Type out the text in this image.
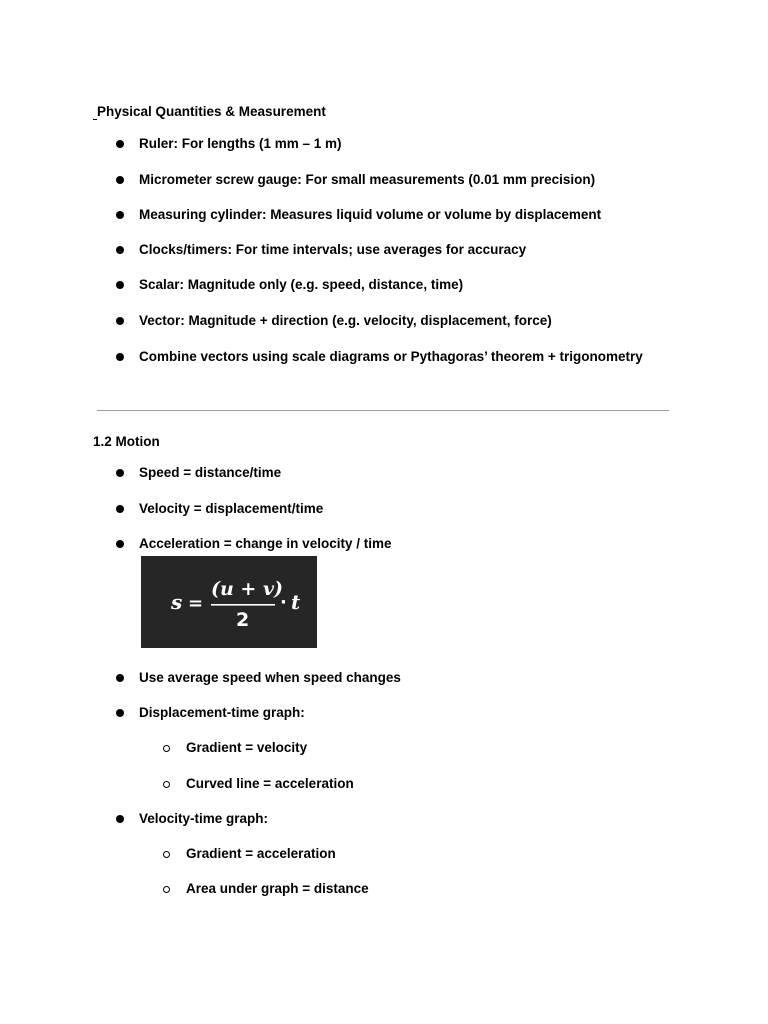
Physical Quantities & Measurement
Ruler: For lengths (1 mm – 1 m)
Micrometer screw gauge: For small measurements (0.01 mm precision)
Measuring cylinder: Measures liquid volume or volume by displacement
Clocks/timers: For time intervals; use averages for accuracy
Scalar: Magnitude only (e.g. speed, distance, time)
Vector: Magnitude + direction (e.g. velocity, displacement, force)
Combine vectors using scale diagrams or Pythagoras’ theorem + trigonometry
1.2 Motion
Speed = distance/time
Velocity = displacement/time
Acceleration = change in velocity / time
s =
(u + v)
2
· t
Use average speed when speed changes
Displacement-time graph:
Gradient = velocity
Curved line = acceleration
Velocity-time graph:
Gradient = acceleration
Area under graph = distance
